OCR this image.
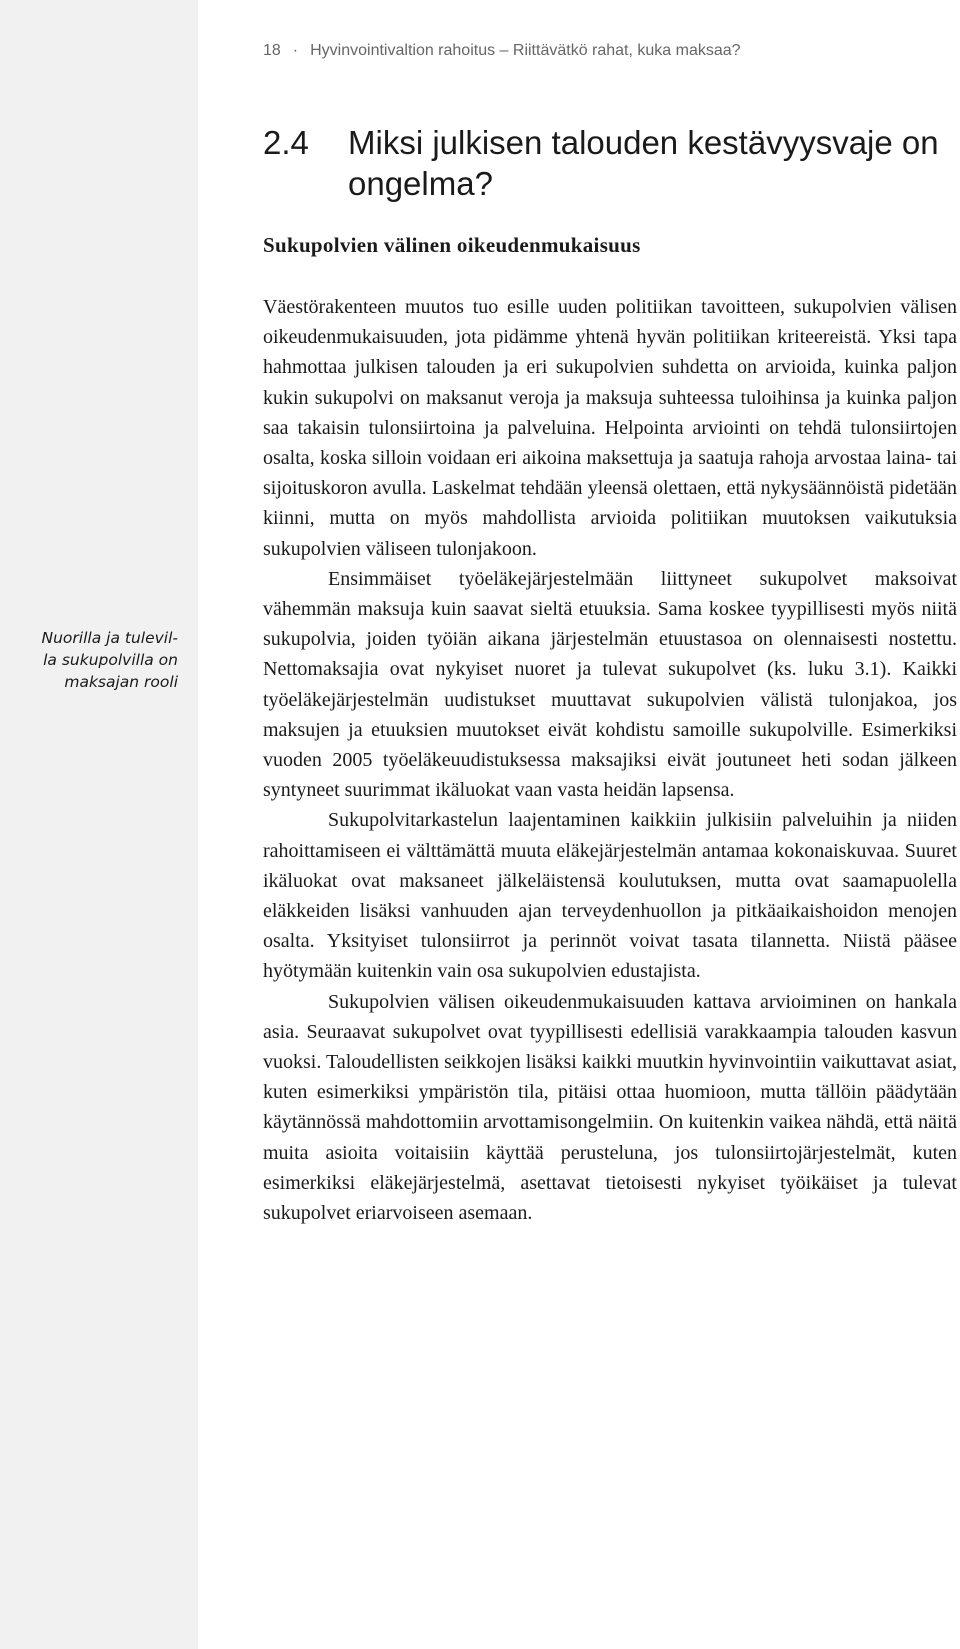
Nuorilla ja tulevil-
la sukupolvilla on
maksajan rooli
18 · Hyvinvointivaltion rahoitus – Riittävätkö rahat, kuka maksaa?
2.4 Miksi julkisen talouden kestävyysvaje on ongelma?
Sukupolvien välinen oikeudenmukaisuus

Väestörakenteen muutos tuo esille uuden politiikan tavoitteen, sukupolvien välisen oikeudenmukaisuuden, jota pidämme yhtenä hyvän politiikan kriteereistä. Yksi tapa hahmottaa julkisen talouden ja eri sukupolvien suhdetta on arvioida, kuinka paljon kukin sukupolvi on maksanut veroja ja maksuja suhteessa tuloihinsa ja kuinka paljon saa takaisin tulonsiirtoina ja palveluina. Helpointa arviointi on tehdä tulonsiirtojen osalta, koska silloin voidaan eri aikoina maksettuja ja saatuja rahoja arvostaa laina- tai sijoituskoron avulla. Laskelmat tehdään yleensä olettaen, että nykysäännöistä pidetään kiinni, mutta on myös mahdollista arvioida politiikan muutoksen vaikutuksia sukupolvien väliseen tulonjakoon.

Ensimmäiset työeläkejärjestelmään liittyneet sukupolvet maksoivat vähemmän maksuja kuin saavat sieltä etuuksia. Sama koskee tyypillisesti myös niitä sukupolvia, joiden työiän aikana järjestelmän etuustasoa on olennaisesti nostettu. Nettomaksajia ovat nykyiset nuoret ja tulevat sukupolvet (ks. luku 3.1). Kaikki työeläkejärjestelmän uudistukset muuttavat sukupolvien välistä tulonjakoa, jos maksujen ja etuuksien muutokset eivät kohdistu samoille sukupolville. Esimerkiksi vuoden 2005 työeläkeuudistuksessa maksajiksi eivät joutuneet heti sodan jälkeen syntyneet suurimmat ikäluokat vaan vasta heidän lapsensa.

Sukupolvitarkastelun laajentaminen kaikkiin julkisiin palveluihin ja niiden rahoittamiseen ei välttämättä muuta eläkejärjestelmän antamaa kokonaiskuvaa. Suuret ikäluokat ovat maksaneet jälkeläistensä koulutuksen, mutta ovat saamapuolella eläkkeiden lisäksi vanhuuden ajan terveydenhuollon ja pitkäaikaishoidon menojen osalta. Yksityiset tulonsiirrot ja perinnöt voivat tasata tilannetta. Niistä pääsee hyötymään kuitenkin vain osa sukupolvien edustajista.

Sukupolvien välisen oikeudenmukaisuuden kattava arvioiminen on hankala asia. Seuraavat sukupolvet ovat tyypillisesti edellisiä varakkaampia talouden kasvun vuoksi. Taloudellisten seikkojen lisäksi kaikki muutkin hyvinvointiin vaikuttavat asiat, kuten esimerkiksi ympäristön tila, pitäisi ottaa huomioon, mutta tällöin päädytään käytännössä mahdottomiin arvottamisongelmiin. On kuitenkin vaikea nähdä, että näitä muita asioita voitaisiin käyttää perusteluna, jos tulonsiirtojärjestelmät, kuten esimerkiksi eläkejärjestelmä, asettavat tietoisesti nykyiset työikäiset ja tulevat sukupolvet eriarvoiseen asemaan.
